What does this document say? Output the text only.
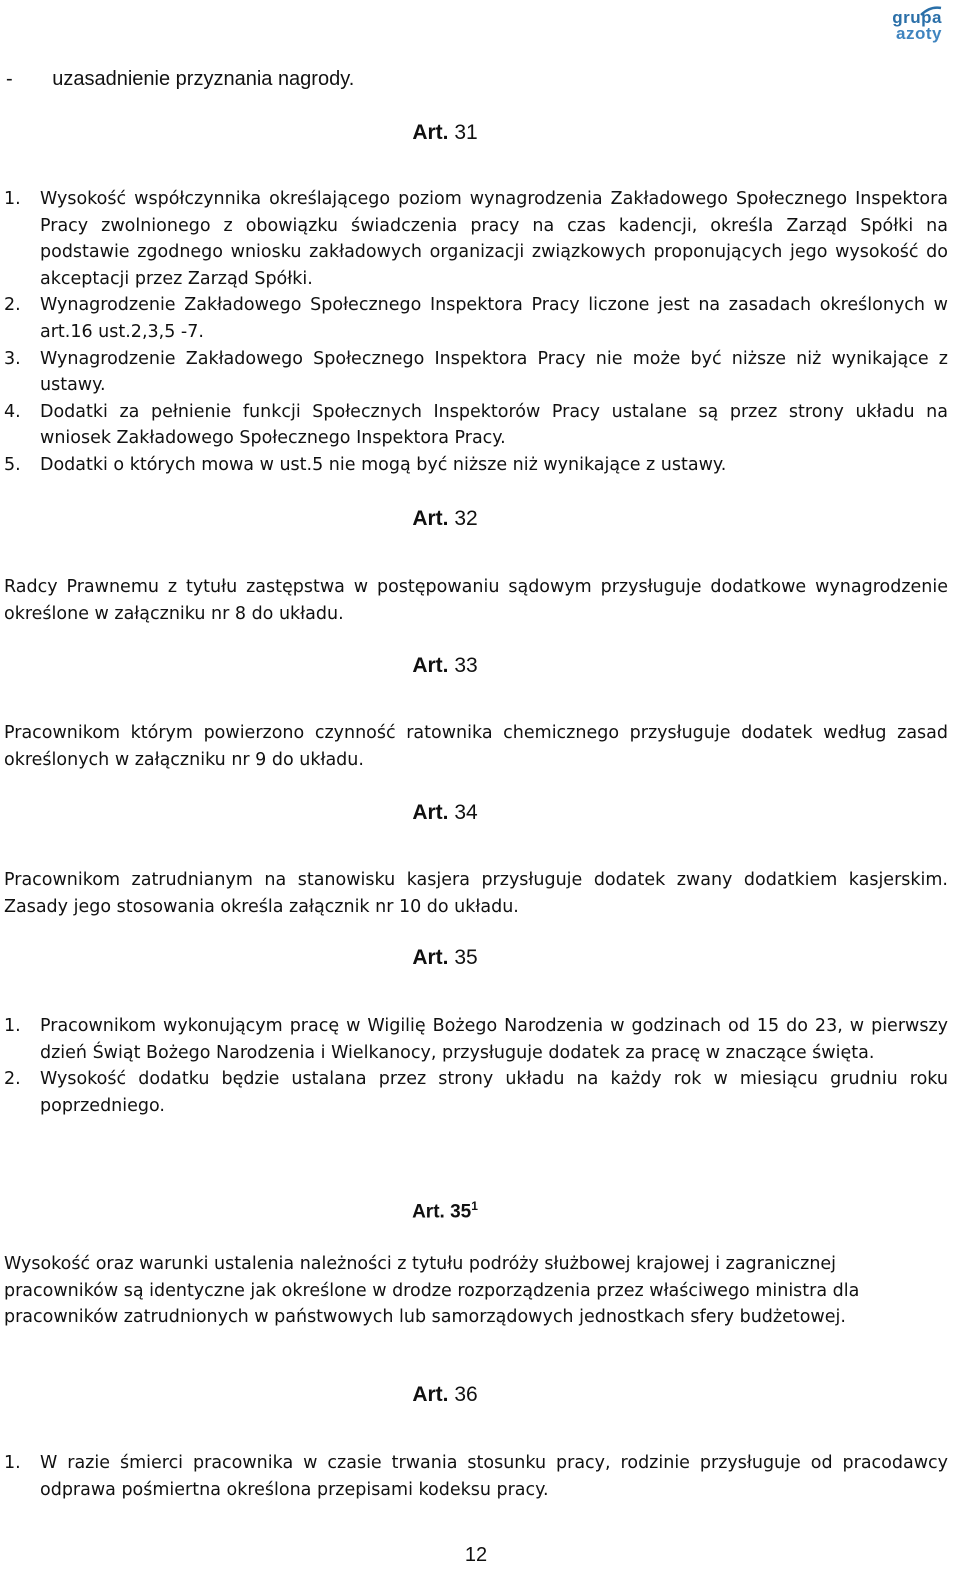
grupa
azoty
- uzasadnienie przyznania nagrody.
Art. 31
1.	Wysokość współczynnika określającego poziom wynagrodzenia Zakładowego Społecznego Inspektora Pracy zwolnionego z obowiązku świadczenia pracy na czas kadencji, określa Zarząd Spółki na podstawie zgodnego wniosku zakładowych organizacji związkowych proponujących jego wysokość do akceptacji przez Zarząd Spółki.
2.	Wynagrodzenie Zakładowego Społecznego Inspektora Pracy liczone jest na zasadach określonych w art.16 ust.2,3,5 -7.
3.	Wynagrodzenie Zakładowego Społecznego Inspektora Pracy nie może być niższe niż wynikające z ustawy.
4.	Dodatki za pełnienie funkcji Społecznych Inspektorów Pracy ustalane są przez strony układu na wniosek Zakładowego Społecznego Inspektora Pracy.
5.	Dodatki o których mowa w ust.5 nie mogą być niższe niż wynikające z ustawy.
Art. 32
Radcy Prawnemu z tytułu zastępstwa w postępowaniu sądowym przysługuje dodatkowe wynagrodzenie określone w załączniku nr 8 do układu.
Art. 33
Pracownikom którym powierzono czynność ratownika chemicznego przysługuje dodatek według zasad określonych w załączniku nr 9 do układu.
Art. 34
Pracownikom zatrudnianym na stanowisku kasjera przysługuje dodatek zwany dodatkiem kasjerskim. Zasady jego stosowania określa załącznik nr 10 do układu.
Art. 35
1.	Pracownikom wykonującym pracę w Wigilię Bożego Narodzenia w godzinach od 15 do 23, w pierwszy dzień Świąt Bożego Narodzenia i Wielkanocy, przysługuje dodatek za pracę w znaczące święta.
2.	Wysokość dodatku będzie ustalana przez strony układu na każdy rok w miesiącu grudniu roku poprzedniego.
Art. $35^1$
Wysokość oraz warunki ustalenia należności z tytułu podróży służbowej krajowej i zagranicznej pracowników są identyczne jak określone w drodze rozporządzenia przez właściwego ministra dla pracowników zatrudnionych w państwowych lub samorządowych jednostkach sfery budżetowej.
Art. 36
1.	W razie śmierci pracownika w czasie trwania stosunku pracy, rodzinie przysługuje od pracodawcy odprawa pośmiertna określona przepisami kodeksu pracy.
12
